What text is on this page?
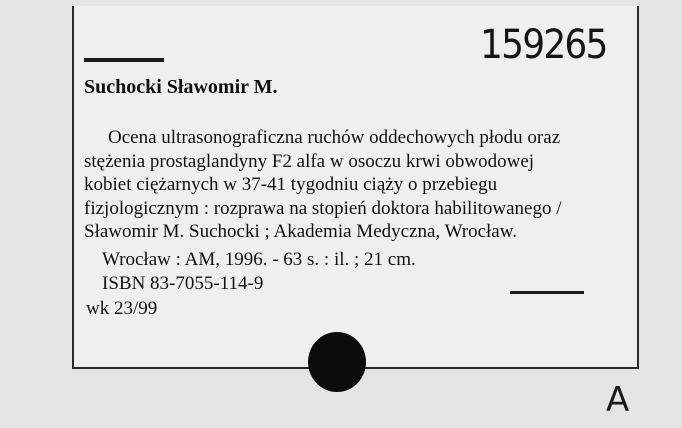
159265
Suchocki Sławomir M.
Ocena ultrasonograficzna ruchów oddechowych płodu oraz
stężenia prostaglandyny F2 alfa w osoczu krwi obwodowej
kobiet ciężarnych w 37-41 tygodniu ciąży o przebiegu
fizjologicznym : rozprawa na stopień doktora habilitowanego /
Sławomir M. Suchocki ; Akademia Medyczna, Wrocław.
Wrocław : AM, 1996. - 63 s. : il. ; 21 cm.
ISBN 83-7055-114-9
wk 23/99
A
